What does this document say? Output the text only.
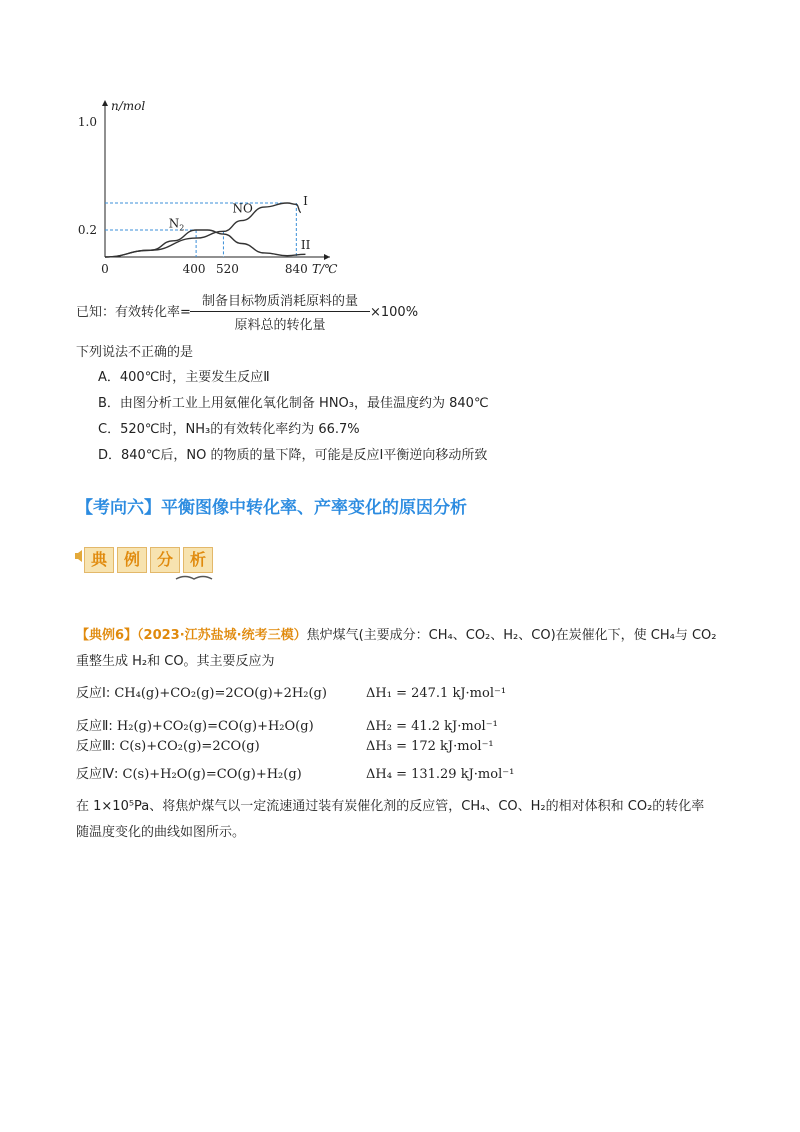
n/mol
T/℃
1.0
0.2
0	400 520	840
NO
$N_2$
I
II
制备目标物质消耗原料的量
原料总的转化量
已知：有效转化率=	×100%
下列说法不正确的是
A．400℃时，主要发生反应Ⅱ
B．由图分析工业上用氨催化氧化制备 HNO₃，最佳温度约为 840℃
C．520℃时，NH₃的有效转化率约为 66.7%
D．840℃后，NO 的物质的量下降，可能是反应Ⅰ平衡逆向移动所致
【考向六】平衡图像中转化率、产率变化的原因分析
典 例 分 析
【典例6】（2023·江苏盐城·统考三模）焦炉煤气(主要成分：CH₄、CO₂、H₂、CO)在炭催化下，使 CH₄与 CO₂
重整生成 H₂和 CO。其主要反应为
反应Ⅰ: CH₄(g)+CO₂(g)=2CO(g)+2H₂(g)	ΔH₁ = 247.1 kJ·mol⁻¹
反应Ⅱ: H₂(g)+CO₂(g)=CO(g)+H₂O(g)	ΔH₂ = 41.2 kJ·mol⁻¹
反应Ⅲ: C(s)+CO₂(g)=2CO(g)	ΔH₃ = 172 kJ·mol⁻¹
反应Ⅳ: C(s)+H₂O(g)=CO(g)+H₂(g)	ΔH₄ = 131.29 kJ·mol⁻¹
在 1×10⁵Pa、将焦炉煤气以一定流速通过装有炭催化剂的反应管，CH₄、CO、H₂的相对体积和 CO₂的转化率
随温度变化的曲线如图所示。
